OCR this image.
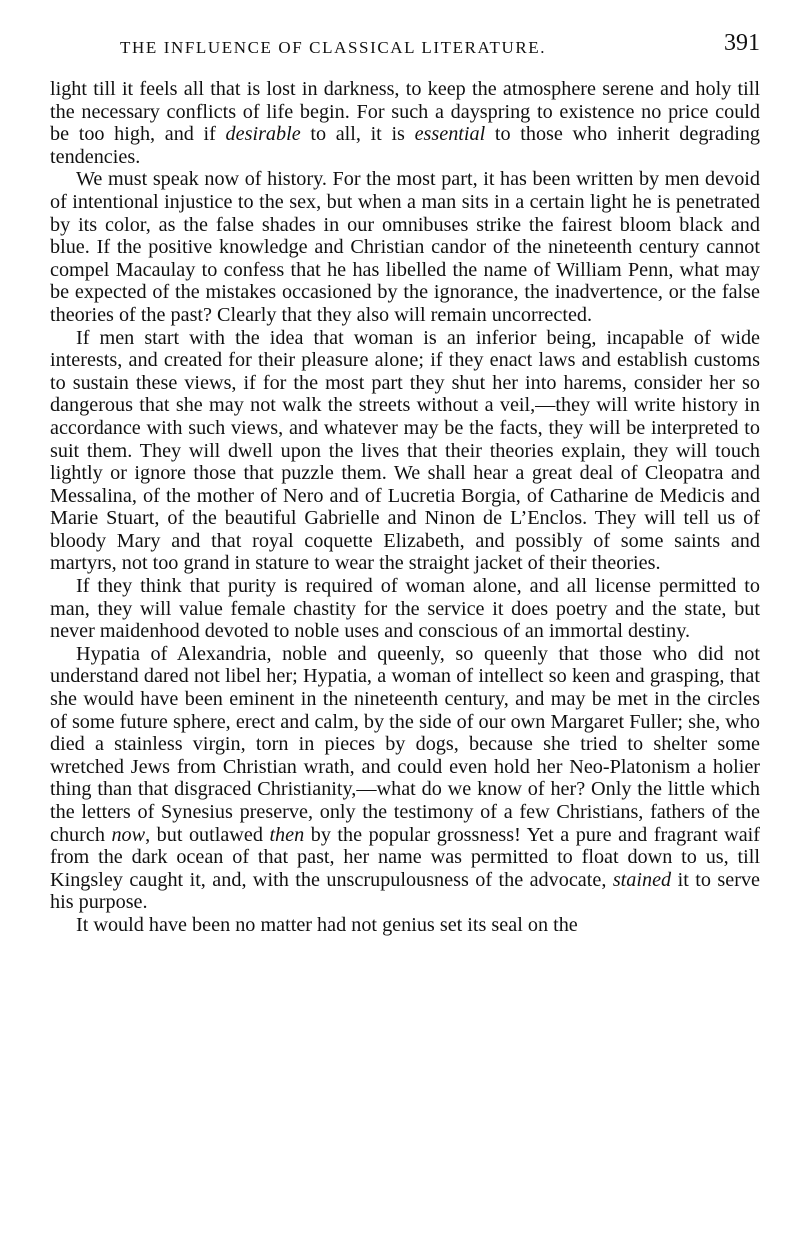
THE INFLUENCE OF CLASSICAL LITERATURE.	391

light till it feels all that is lost in darkness, to keep the atmosphere serene and holy till the necessary conflicts of life begin. For such a dayspring to existence no price could be too high, and if desirable to all, it is essential to those who inherit degrading tendencies.

We must speak now of history. For the most part, it has been written by men devoid of intentional injustice to the sex, but when a man sits in a certain light he is penetrated by its color, as the false shades in our omnibuses strike the fairest bloom black and blue. If the positive knowledge and Christian candor of the nineteenth century cannot compel Macaulay to confess that he has libelled the name of William Penn, what may be expected of the mistakes occasioned by the ignorance, the inadvertence, or the false theories of the past? Clearly that they also will remain uncorrected.

If men start with the idea that woman is an inferior being, incapable of wide interests, and created for their pleasure alone; if they enact laws and establish customs to sustain these views, if for the most part they shut her into harems, consider her so dangerous that she may not walk the streets without a veil,—they will write history in accordance with such views, and whatever may be the facts, they will be interpreted to suit them. They will dwell upon the lives that their theories explain, they will touch lightly or ignore those that puzzle them. We shall hear a great deal of Cleopatra and Messalina, of the mother of Nero and of Lucretia Borgia, of Catharine de Medicis and Marie Stuart, of the beautiful Gabrielle and Ninon de L’Enclos. They will tell us of bloody Mary and that royal coquette Elizabeth, and possibly of some saints and martyrs, not too grand in stature to wear the straight jacket of their theories.

If they think that purity is required of woman alone, and all license permitted to man, they will value female chastity for the service it does poetry and the state, but never maidenhood devoted to noble uses and conscious of an immortal destiny.

Hypatia of Alexandria, noble and queenly, so queenly that those who did not understand dared not libel her; Hypatia, a woman of intellect so keen and grasping, that she would have been eminent in the nineteenth century, and may be met in the circles of some future sphere, erect and calm, by the side of our own Margaret Fuller; she, who died a stainless virgin, torn in pieces by dogs, because she tried to shelter some wretched Jews from Christian wrath, and could even hold her Neo-Platonism a holier thing than that disgraced Christianity,—what do we know of her? Only the little which the letters of Synesius preserve, only the testimony of a few Christians, fathers of the church now, but outlawed then by the popular grossness! Yet a pure and fragrant waif from the dark ocean of that past, her name was permitted to float down to us, till Kingsley caught it, and, with the unscrupulousness of the advocate, stained it to serve his purpose.

It would have been no matter had not genius set its seal on the
